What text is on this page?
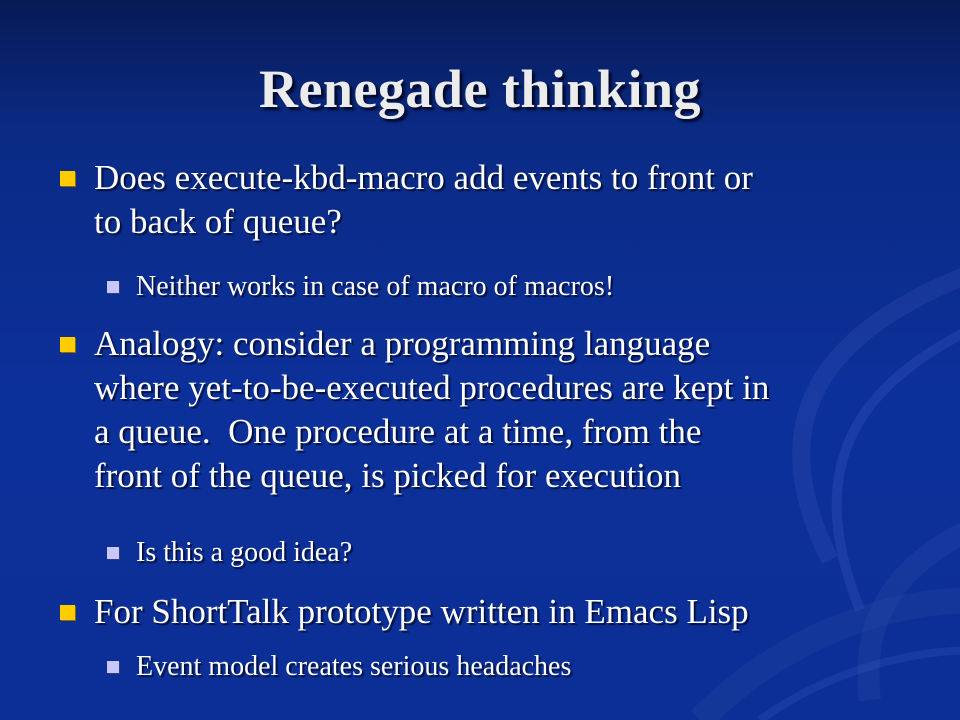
Renegade thinking
Does execute-kbd-macro add events to front or
to back of queue?
Neither works in case of macro of macros!
Analogy: consider a programming language
where yet-to-be-executed procedures are kept in
a queue.  One procedure at a time, from the
front of the queue, is picked for execution
Is this a good idea?
For ShortTalk prototype written in Emacs Lisp
Event model creates serious headaches
